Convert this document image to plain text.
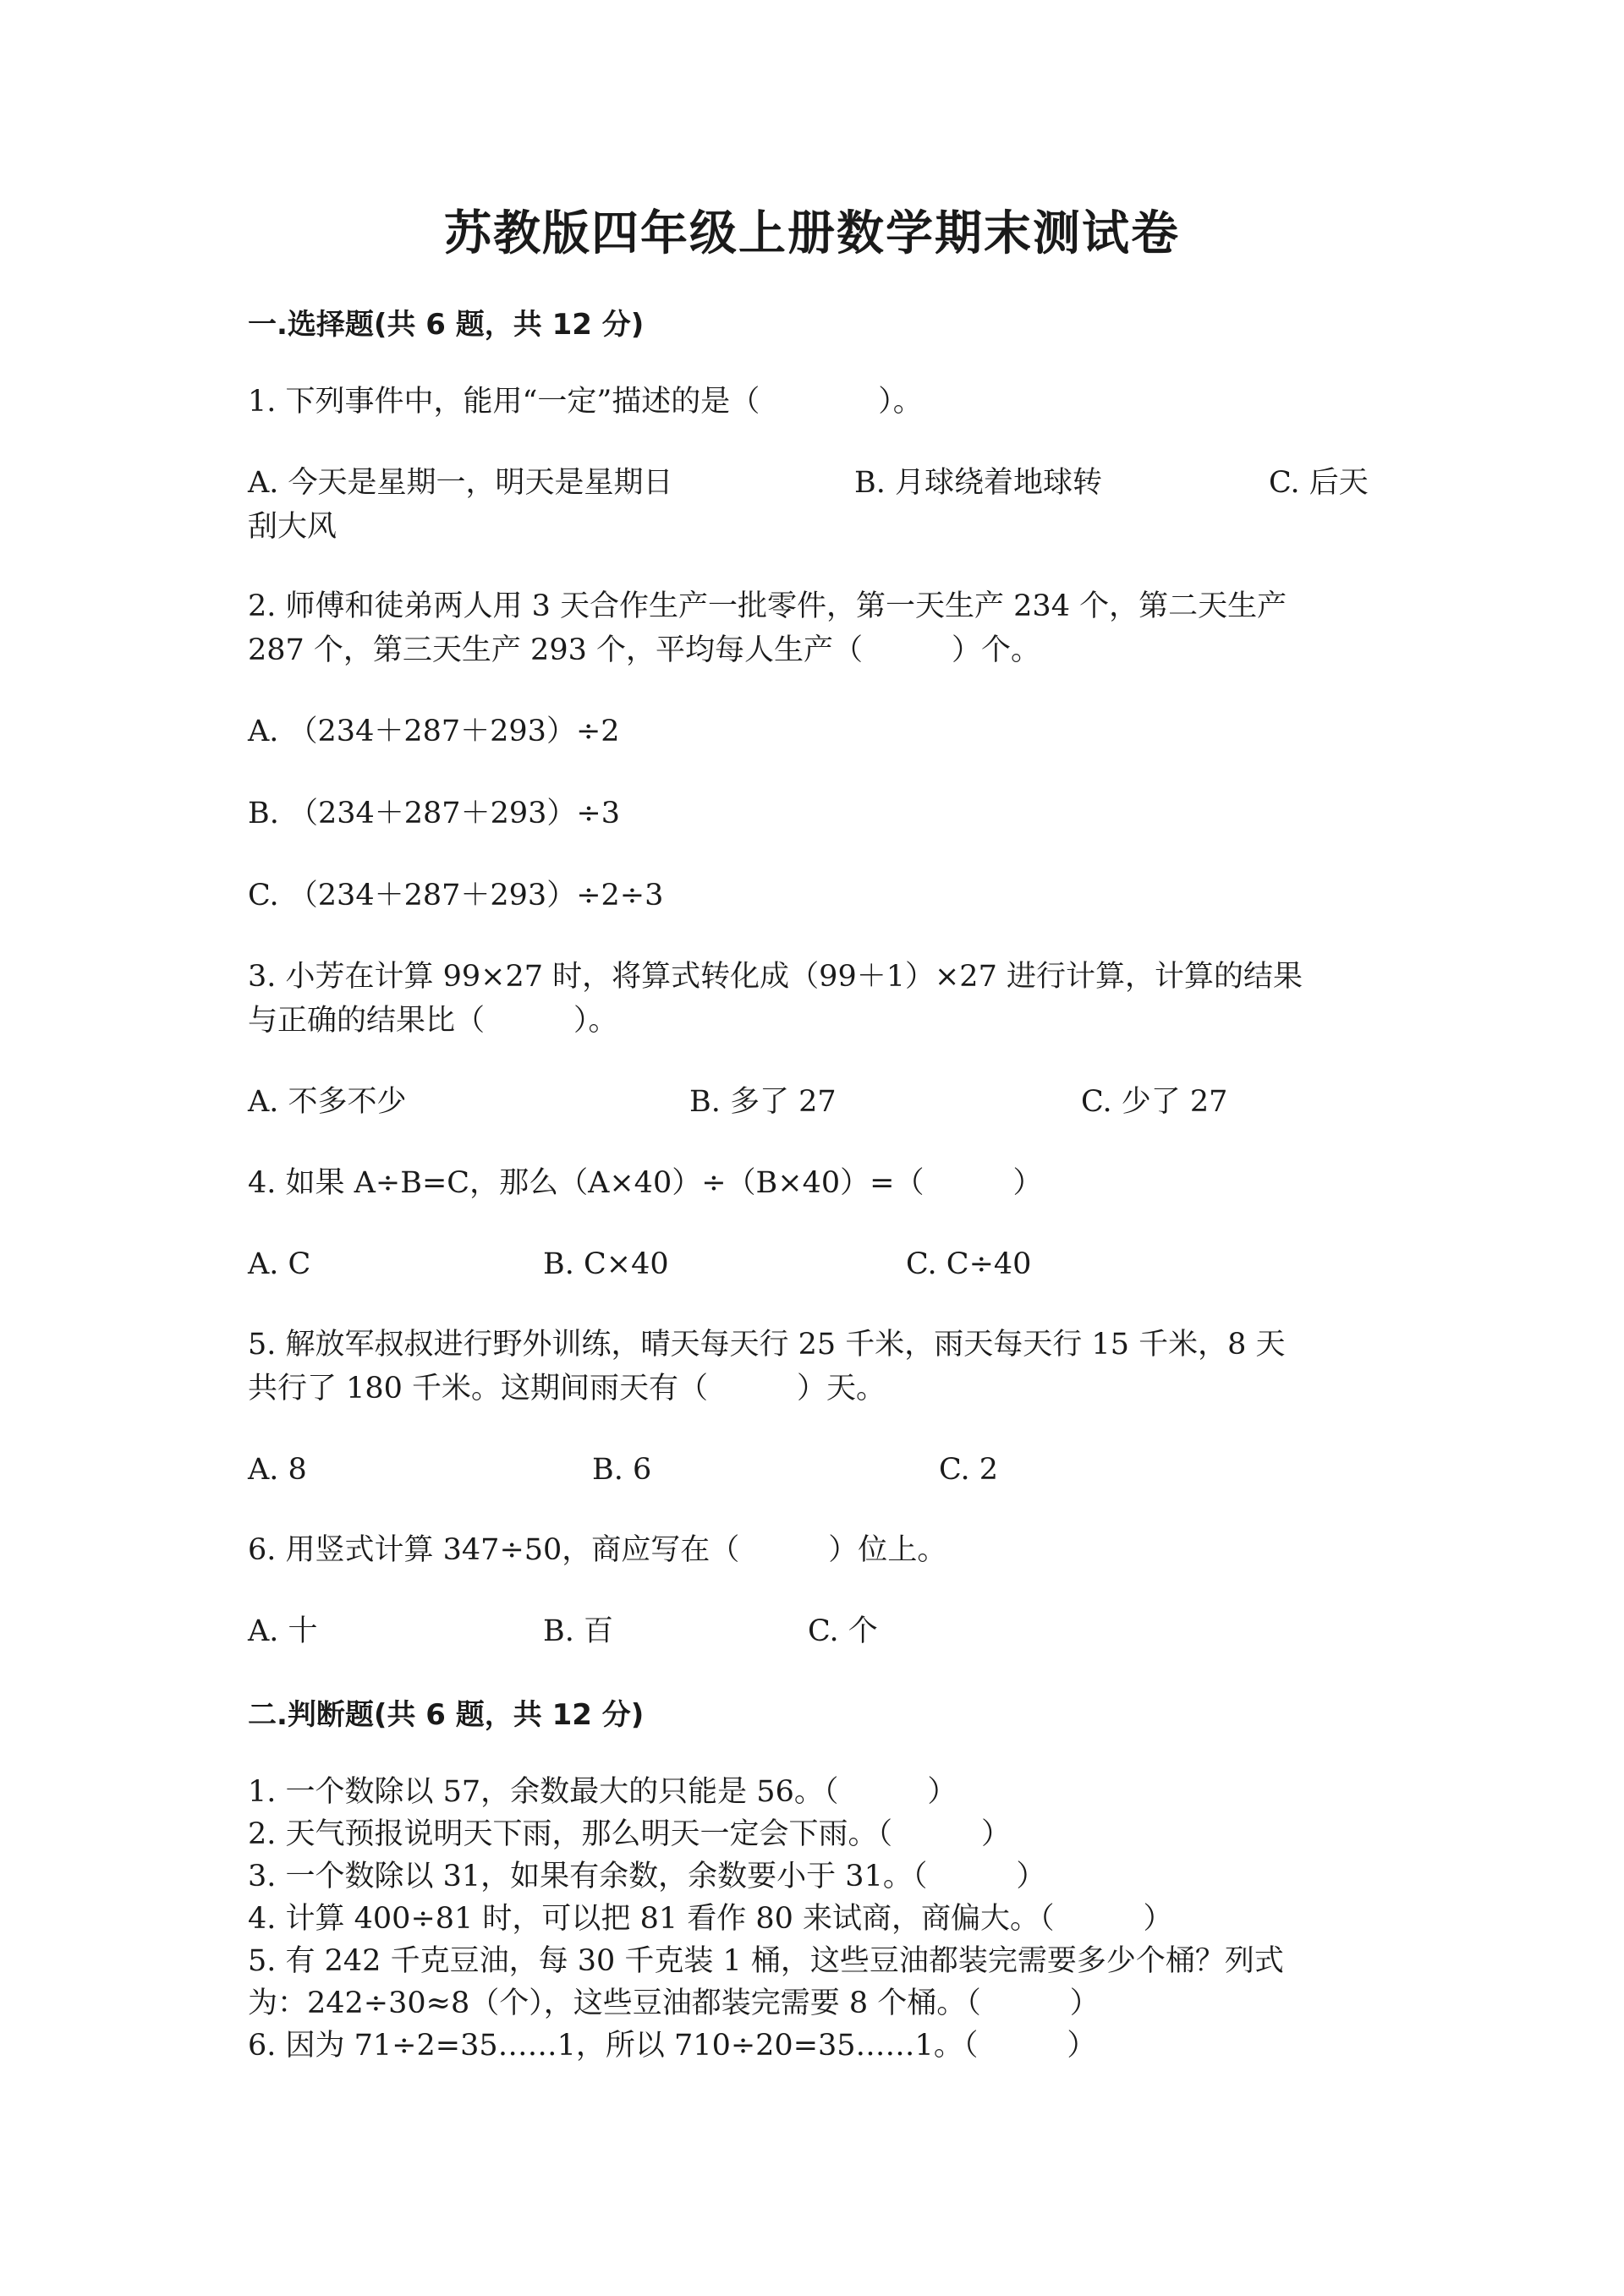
苏教版四年级上册数学期末测试卷
一.选择题(共 6 题，共 12 分)
1. 下列事件中，能用“一定”描述的是（　　　　）。
A. 今天是星期一，明天是星期日	B. 月球绕着地球转	C. 后天
刮大风
2. 师傅和徒弟两人用 3 天合作生产一批零件，第一天生产 234 个，第二天生产
287 个，第三天生产 293 个，平均每人生产（　　　）个。
A. （234＋287＋293）÷2
B. （234＋287＋293）÷3
C. （234＋287＋293）÷2÷3
3. 小芳在计算 99×27 时，将算式转化成（99＋1）×27 进行计算，计算的结果
与正确的结果比（　　　）。
A. 不多不少	B. 多了 27	C. 少了 27
4. 如果 A÷B=C，那么（A×40）÷（B×40）=（　　　）
A. C	B. C×40	C. C÷40
5. 解放军叔叔进行野外训练，晴天每天行 25 千米，雨天每天行 15 千米，8 天
共行了 180 千米。这期间雨天有（　　　）天。
A. 8	B. 6	C. 2
6. 用竖式计算 347÷50，商应写在（　　　）位上。
A. 十	B. 百	C. 个
二.判断题(共 6 题，共 12 分)
1. 一个数除以 57，余数最大的只能是 56。（　　　）
2. 天气预报说明天下雨，那么明天一定会下雨。（　　　）
3. 一个数除以 31，如果有余数，余数要小于 31。（　　　）
4. 计算 400÷81 时，可以把 81 看作 80 来试商，商偏大。（　　　）
5. 有 242 千克豆油，每 30 千克装 1 桶，这些豆油都装完需要多少个桶？列式
为：242÷30≈8（个），这些豆油都装完需要 8 个桶。（　　　）
6. 因为 71÷2=35……1，所以 710÷20=35……1。（　　　）
